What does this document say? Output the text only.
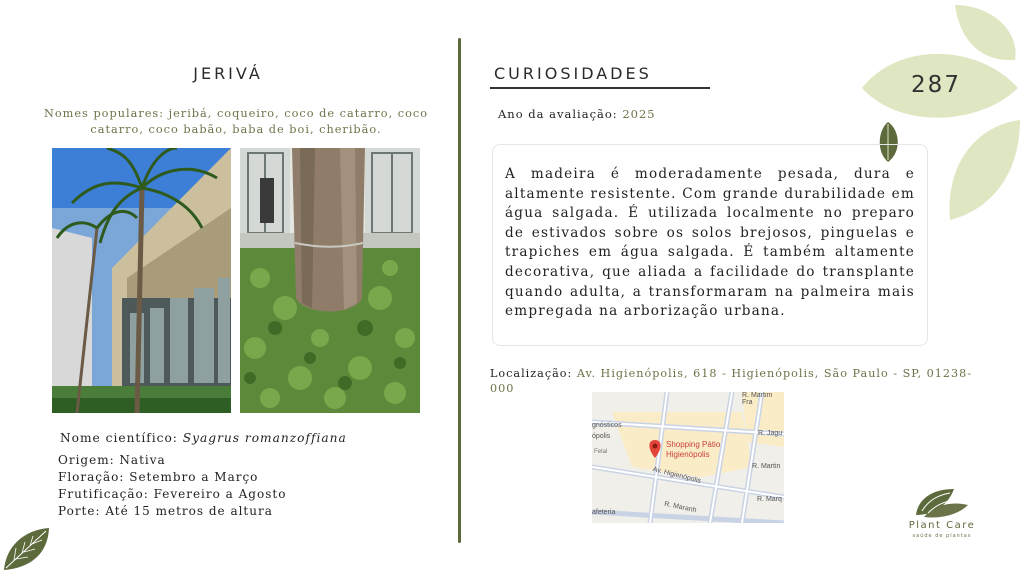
287
JERIVÁ
Nomes populares: jeribá, coqueiro, coco de catarro, coco catarro, coco babão, baba de boi, cheribão.
Nome científico: Syagrus romanzoffiana
Origem: Nativa
Floração: Setembro a Março
Frutificação: Fevereiro a Agosto
Porte: Até 15 metros de altura
CURIOSIDADES
Ano da avaliação: 2025

A madeira é moderadamente pesada, dura e altamente resistente. Com grande durabilidade em água salgada. É utilizada localmente no preparo de estivados sobre os solos brejosos, pinguelas e trapiches em água salgada. É também altamente decorativa, que aliada a facilidade do transplante quando adulta, a transformaram na palmeira mais empregada na arborização urbana.

Localização: Av. Higienópolis, 618 - Higienópolis, São Paulo - SP, 01238-000
Shopping Pátio Higienópolis
R. Martim Fra
R. Jagu
R. Martin
Av. Higienópolis
R. Marq
R. Maranh
gnósticos
ópolis
Fetal
afeteria
Plant Care
saúde de plantas
